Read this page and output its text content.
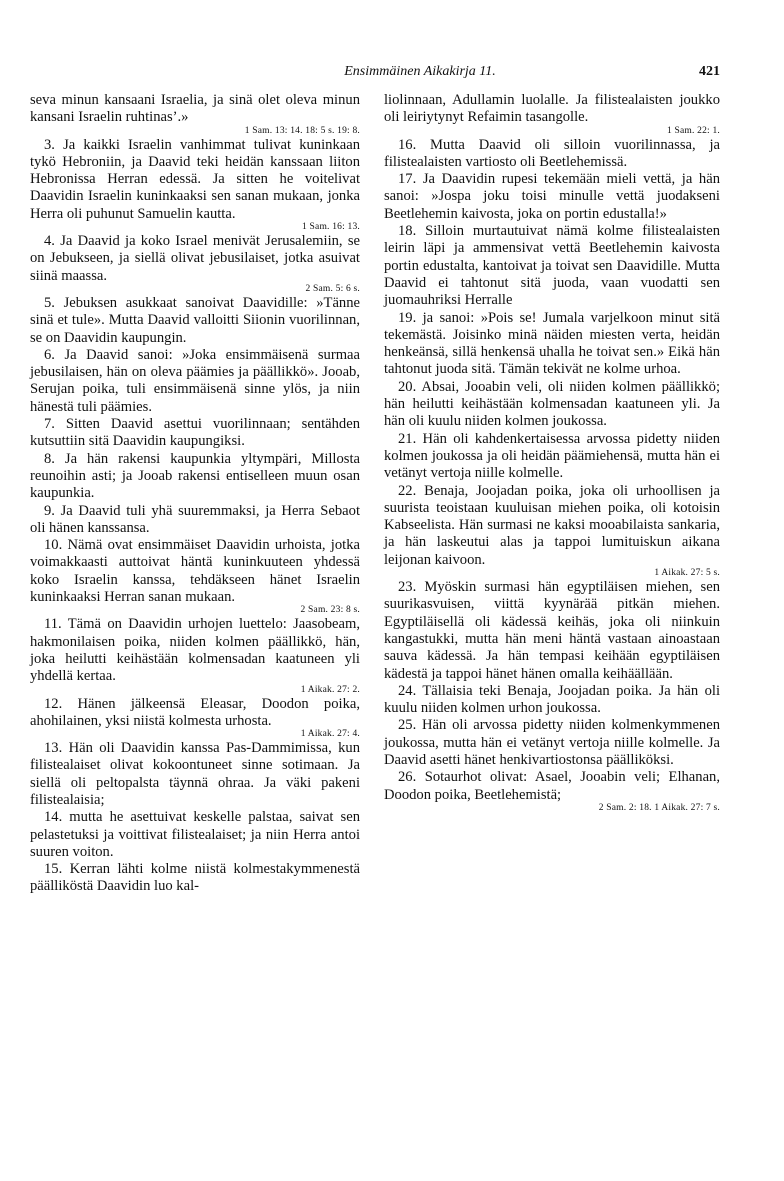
Ensimmäinen Aikakirja 11.	421

seva minun kansaani Israelia, ja sinä olet oleva minun kansani Israelin ruhtinas’.»
1 Sam. 13: 14. 18: 5 s. 19: 8.

3. Ja kaikki Israelin vanhimmat tulivat kuninkaan tykö Hebroniin, ja Daavid teki heidän kanssaan liiton Hebronissa Herran edessä. Ja sitten he voitelivat Daavidin Israelin kuninkaaksi sen sanan mukaan, jonka Herra oli puhunut Samuelin kautta.
1 Sam. 16: 13.

4. Ja Daavid ja koko Israel menivät Jerusalemiin, se on Jebukseen, ja siellä olivat jebusilaiset, jotka asuivat siinä maassa.
2 Sam. 5: 6 s.

5. Jebuksen asukkaat sanoivat Daavidille: »Tänne sinä et tule». Mutta Daavid valloitti Siionin vuorilinnan, se on Daavidin kaupungin.

6. Ja Daavid sanoi: »Joka ensimmäisenä surmaa jebusilaisen, hän on oleva päämies ja päällikkö». Jooab, Serujan poika, tuli ensimmäisenä sinne ylös, ja niin hänestä tuli päämies.

7. Sitten Daavid asettui vuorilinnaan; sentähden kutsuttiin sitä Daavidin kaupungiksi.

8. Ja hän rakensi kaupunkia yltympäri, Millosta reunoihin asti; ja Jooab rakensi entiselleen muun osan kaupunkia.

9. Ja Daavid tuli yhä suuremmaksi, ja Herra Sebaot oli hänen kanssansa.

10. Nämä ovat ensimmäiset Daavidin urhoista, jotka voimakkaasti auttoivat häntä kuninkuuteen yhdessä koko Israelin kanssa, tehdäkseen hänet Israelin kuninkaaksi Herran sanan mukaan.
2 Sam. 23: 8 s.

11. Tämä on Daavidin urhojen luettelo: Jaasobeam, hakmonilaisen poika, niiden kolmen päällikkö, hän, joka heilutti keihästään kolmensadan kaatuneen yli yhdellä kertaa.
1 Aikak. 27: 2.

12. Hänen jälkeensä Eleasar, Doodon poika, ahohilainen, yksi niistä kolmesta urhosta.
1 Aikak. 27: 4.

13. Hän oli Daavidin kanssa Pas-Dammimissa, kun filistealaiset olivat kokoontuneet sinne sotimaan. Ja siellä oli peltopalsta täynnä ohraa. Ja väki pakeni filistealaisia;

14. mutta he asettuivat keskelle palstaa, saivat sen pelastetuksi ja voittivat filistealaiset; ja niin Herra antoi suuren voiton.

15. Kerran lähti kolme niistä kolmestakymmenestä päälliköstä Daavidin luo kal-

liolinnaan, Adullamin luolalle. Ja filistealaisten joukko oli leiriytynyt Refaimin tasangolle.
1 Sam. 22: 1.

16. Mutta Daavid oli silloin vuorilinnassa, ja filistealaisten vartiosto oli Beetlehemissä.

17. Ja Daavidin rupesi tekemään mieli vettä, ja hän sanoi: »Jospa joku toisi minulle vettä juodakseni Beetlehemin kaivosta, joka on portin edustalla!»

18. Silloin murtautuivat nämä kolme filistealaisten leirin läpi ja ammensivat vettä Beetlehemin kaivosta portin edustalta, kantoivat ja toivat sen Daavidille. Mutta Daavid ei tahtonut sitä juoda, vaan vuodatti sen juomauhriksi Herralle

19. ja sanoi: »Pois se! Jumala varjelkoon minut sitä tekemästä. Joisinko minä näiden miesten verta, heidän henkeänsä, sillä henkensä uhalla he toivat sen.» Eikä hän tahtonut juoda sitä. Tämän tekivät ne kolme urhoa.

20. Absai, Jooabin veli, oli niiden kolmen päällikkö; hän heilutti keihästään kolmensadan kaatuneen yli. Ja hän oli kuulu niiden kolmen joukossa.

21. Hän oli kahdenkertaisessa arvossa pidetty niiden kolmen joukossa ja oli heidän päämiehensä, mutta hän ei vetänyt vertoja niille kolmelle.

22. Benaja, Joojadan poika, joka oli urhoollisen ja suurista teoistaan kuuluisan miehen poika, oli kotoisin Kabseelista. Hän surmasi ne kaksi mooabilaista sankaria, ja hän laskeutui alas ja tappoi lumituiskun aikana leijonan kaivoon.
1 Aikak. 27: 5 s.

23. Myöskin surmasi hän egyptiläisen miehen, sen suurikasvuisen, viittä kyynärää pitkän miehen. Egyptiläisellä oli kädessä keihäs, joka oli niinkuin kangastukki, mutta hän meni häntä vastaan ainoastaan sauva kädessä. Ja hän tempasi keihään egyptiläisen kädestä ja tappoi hänet hänen omalla keihäällään.

24. Tällaisia teki Benaja, Joojadan poika. Ja hän oli kuulu niiden kolmen urhon joukossa.

25. Hän oli arvossa pidetty niiden kolmenkymmenen joukossa, mutta hän ei vetänyt vertoja niille kolmelle. Ja Daavid asetti hänet henkivartiostonsa päälliköksi.

26. Sotaurhot olivat: Asael, Jooabin veli; Elhanan, Doodon poika, Beetlehemistä;
2 Sam. 2: 18. 1 Aikak. 27: 7 s.
